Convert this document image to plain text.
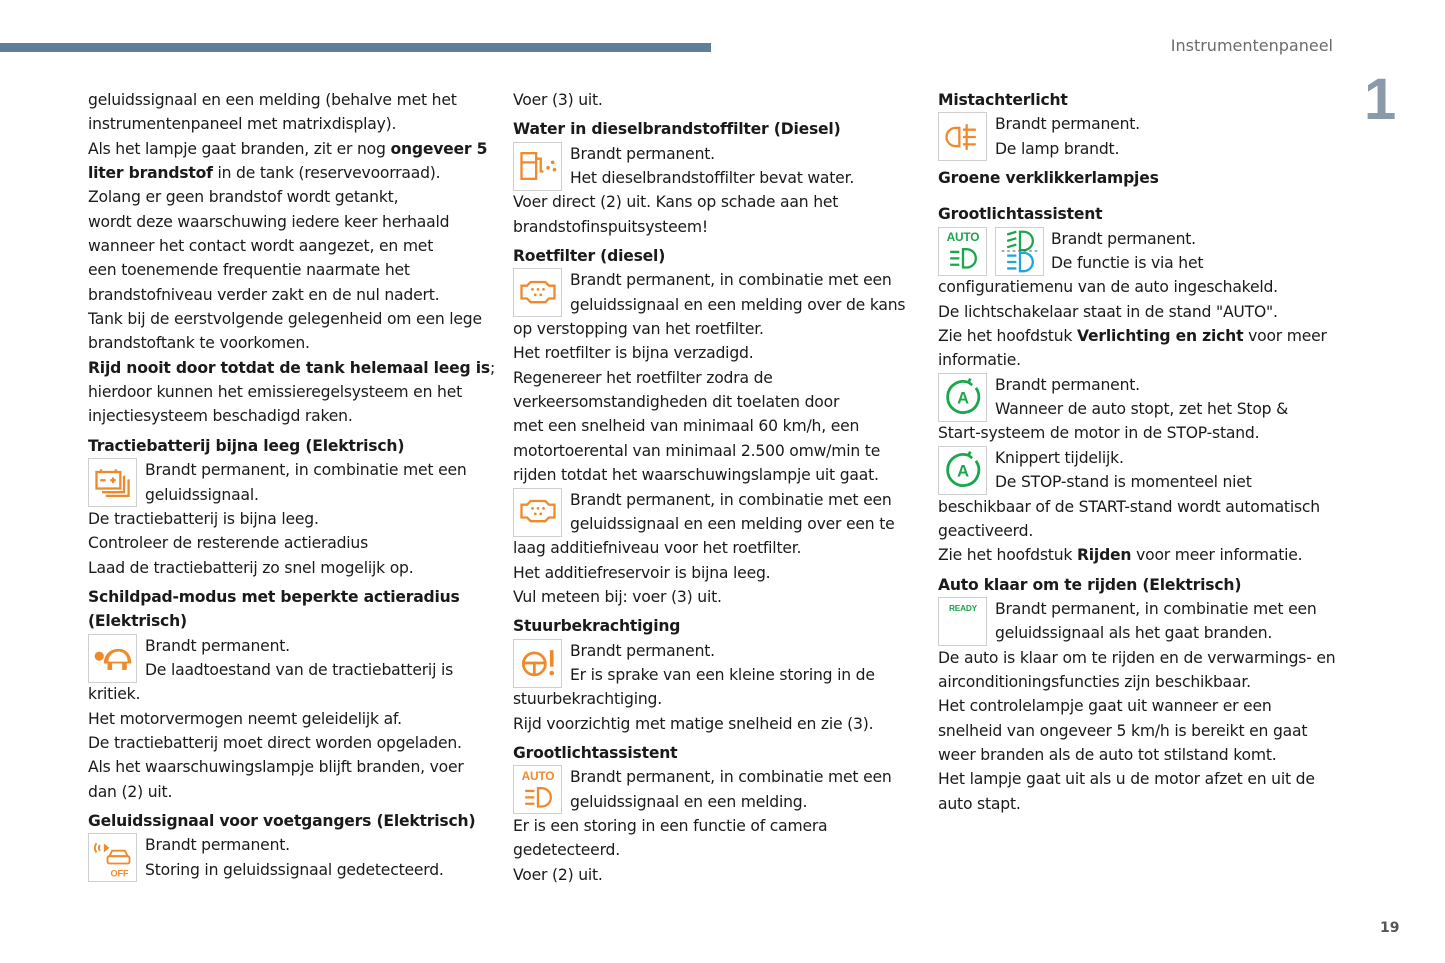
Instrumentenpaneel
1
19
geluidssignaal en een melding (behalve met het
instrumentenpaneel met matrixdisplay).
Als het lampje gaat branden, zit er nog ongeveer 5
liter brandstof in de tank (reservevoorraad).
Zolang er geen brandstof wordt getankt,
wordt deze waarschuwing iedere keer herhaald
wanneer het contact wordt aangezet, en met
een toenemende frequentie naarmate het
brandstofniveau verder zakt en de nul nadert.
Tank bij de eerstvolgende gelegenheid om een lege
brandstoftank te voorkomen.
Rijd nooit door totdat de tank helemaal leeg is;
hierdoor kunnen het emissieregelsysteem en het
injectiesysteem beschadigd raken.
Tractiebatterij bijna leeg (Elektrisch)
Brandt permanent, in combinatie met een
geluidssignaal.
De tractiebatterij is bijna leeg.
Controleer de resterende actieradius
Laad de tractiebatterij zo snel mogelijk op.
Schildpad-modus met beperkte actieradius
(Elektrisch)
Brandt permanent.
De laadtoestand van de tractiebatterij is
kritiek.
Het motorvermogen neemt geleidelijk af.
De tractiebatterij moet direct worden opgeladen.
Als het waarschuwingslampje blijft branden, voer
dan (2) uit.
Geluidssignaal voor voetgangers (Elektrisch)
OFF
Brandt permanent.
Storing in geluidssignaal gedetecteerd.
Voer (3) uit.
Water in dieselbrandstoffilter (Diesel)
Brandt permanent.
Het dieselbrandstoffilter bevat water.
Voer direct (2) uit. Kans op schade aan het
brandstofinspuitsysteem!
Roetfilter (diesel)
Brandt permanent, in combinatie met een
geluidssignaal en een melding over de kans
op verstopping van het roetfilter.
Het roetfilter is bijna verzadigd.
Regenereer het roetfilter zodra de
verkeersomstandigheden dit toelaten door
met een snelheid van minimaal 60 km/h, een
motortoerental van minimaal 2.500 omw/min te
rijden totdat het waarschuwingslampje uit gaat.
Brandt permanent, in combinatie met een
geluidssignaal en een melding over een te
laag additiefniveau voor het roetfilter.
Het additiefreservoir is bijna leeg.
Vul meteen bij: voer (3) uit.
Stuurbekrachtiging
Brandt permanent.
Er is sprake van een kleine storing in de
stuurbekrachtiging.
Rijd voorzichtig met matige snelheid en zie (3).
Grootlichtassistent
AUTO	Brandt permanent, in combinatie met een
geluidssignaal en een melding.
Er is een storing in een functie of camera
gedetecteerd.
Voer (2) uit.
Mistachterlicht
Brandt permanent.
De lamp brandt.
Groene verklikkerlampjes
Grootlichtassistent
AUTO	Brandt permanent.
De functie is via het
configuratiemenu van de auto ingeschakeld.
De lichtschakelaar staat in de stand "AUTO".
Zie het hoofdstuk Verlichting en zicht voor meer
informatie.
A
Brandt permanent.
Wanneer de auto stopt, zet het Stop &
Start-systeem de motor in de STOP-stand.
A
Knippert tijdelijk.
De STOP-stand is momenteel niet
beschikbaar of de START-stand wordt automatisch
geactiveerd.
Zie het hoofdstuk Rijden voor meer informatie.
Auto klaar om te rijden (Elektrisch)
READY	Brandt permanent, in combinatie met een
geluidssignaal als het gaat branden.
De auto is klaar om te rijden en de verwarmings- en
airconditioningsfuncties zijn beschikbaar.
Het controlelampje gaat uit wanneer er een
snelheid van ongeveer 5 km/h is bereikt en gaat
weer branden als de auto tot stilstand komt.
Het lampje gaat uit als u de motor afzet en uit de
auto stapt.
